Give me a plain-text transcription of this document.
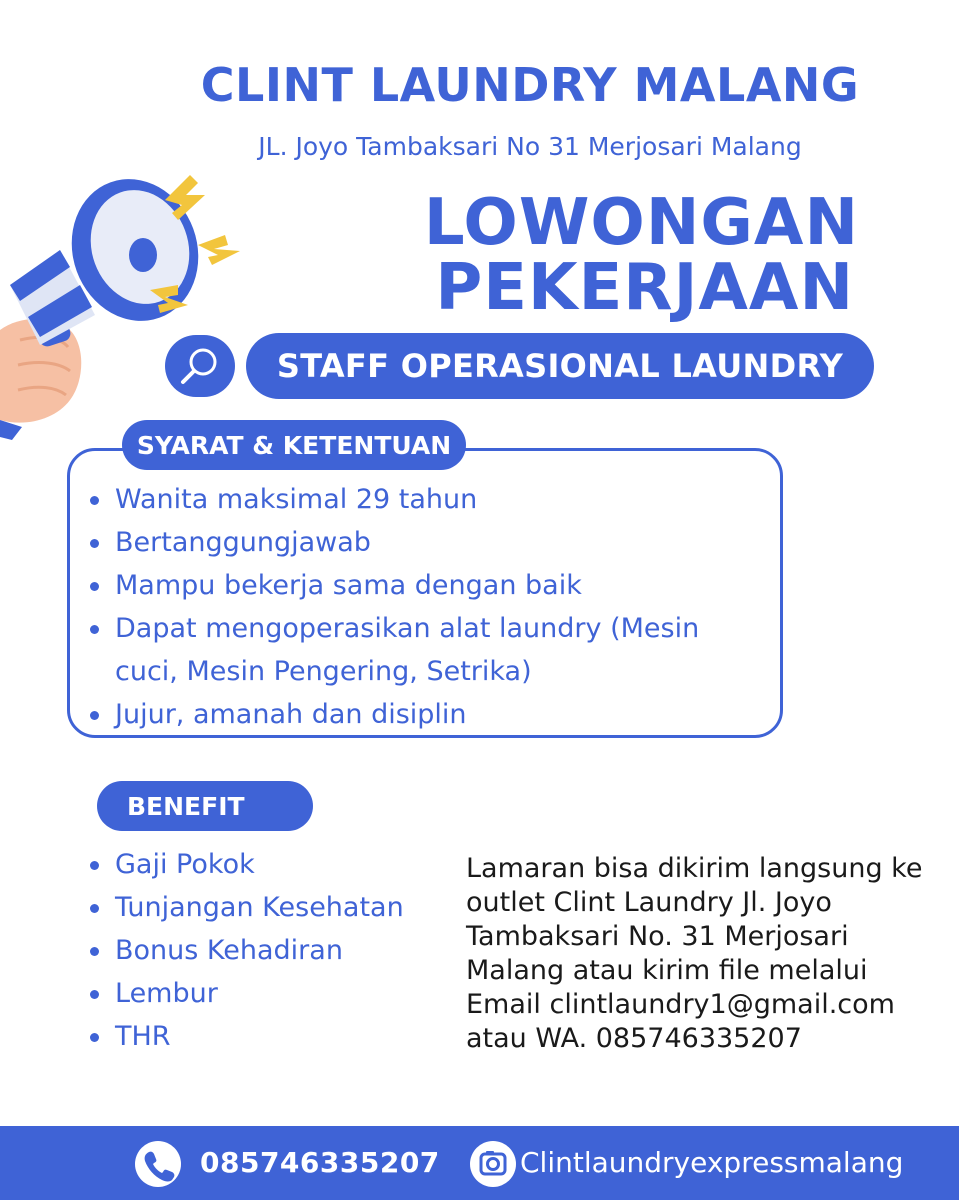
CLINT LAUNDRY MALANG
JL. Joyo Tambaksari No 31 Merjosari Malang
LOWONGAN
PEKERJAAN
STAFF OPERASIONAL LAUNDRY
SYARAT & KETENTUAN
Wanita maksimal 29 tahun
Bertanggungjawab
Mampu bekerja sama dengan baik
Dapat mengoperasikan alat laundry (Mesin cuci, Mesin Pengering, Setrika)
Jujur, amanah dan disiplin
BENEFIT
Gaji Pokok
Tunjangan Kesehatan
Bonus Kehadiran
Lembur
THR
Lamaran bisa dikirim langsung ke outlet Clint Laundry Jl. Joyo Tambaksari No. 31 Merjosari Malang atau kirim file melalui Email clintlaundry1@gmail.com atau WA. 085746335207
085746335207	Clintlaundryexpressmalang
